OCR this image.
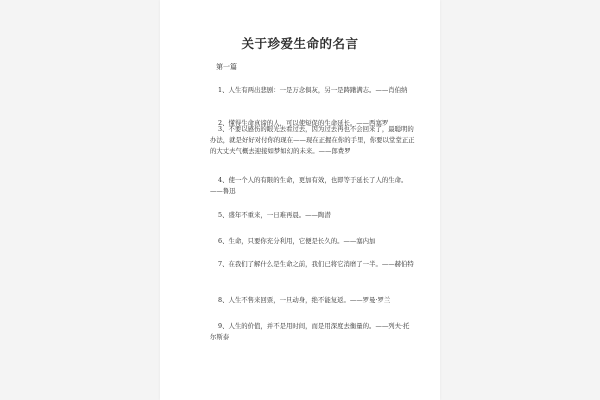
关于珍爱生命的名言
第一篇

1、人生有两出悲剧：一是万念俱灰，另一是踌躇满志。——肖伯纳

2、懂得生命真谛的人，可以使短促的生命延长。——西塞罗

3、不要以感伤的眼光去看过去，因为过去再也不会回来了，最聪明的办法，就是好好对付你的现在——现在正握在你的手里，你要以堂堂正正的大丈夫气概去迎接如梦如幻的未来。——郎费罗

4、使一个人的有限的生命，更加有效，也即等于延长了人的生命。——鲁迅

5、盛年不重来，一日难再晨。——陶潜

6、生命，只要你充分利用，它便是长久的。——塞内加

7、在我们了解什么是生命之前，我们已将它消磨了一半。——赫伯特

8、人生不售来回票，一旦动身，绝不能复返。——罗曼·罗兰

9、人生的价值，并不是用时间，而是用深度去衡量的。——列夫·托尔斯泰
